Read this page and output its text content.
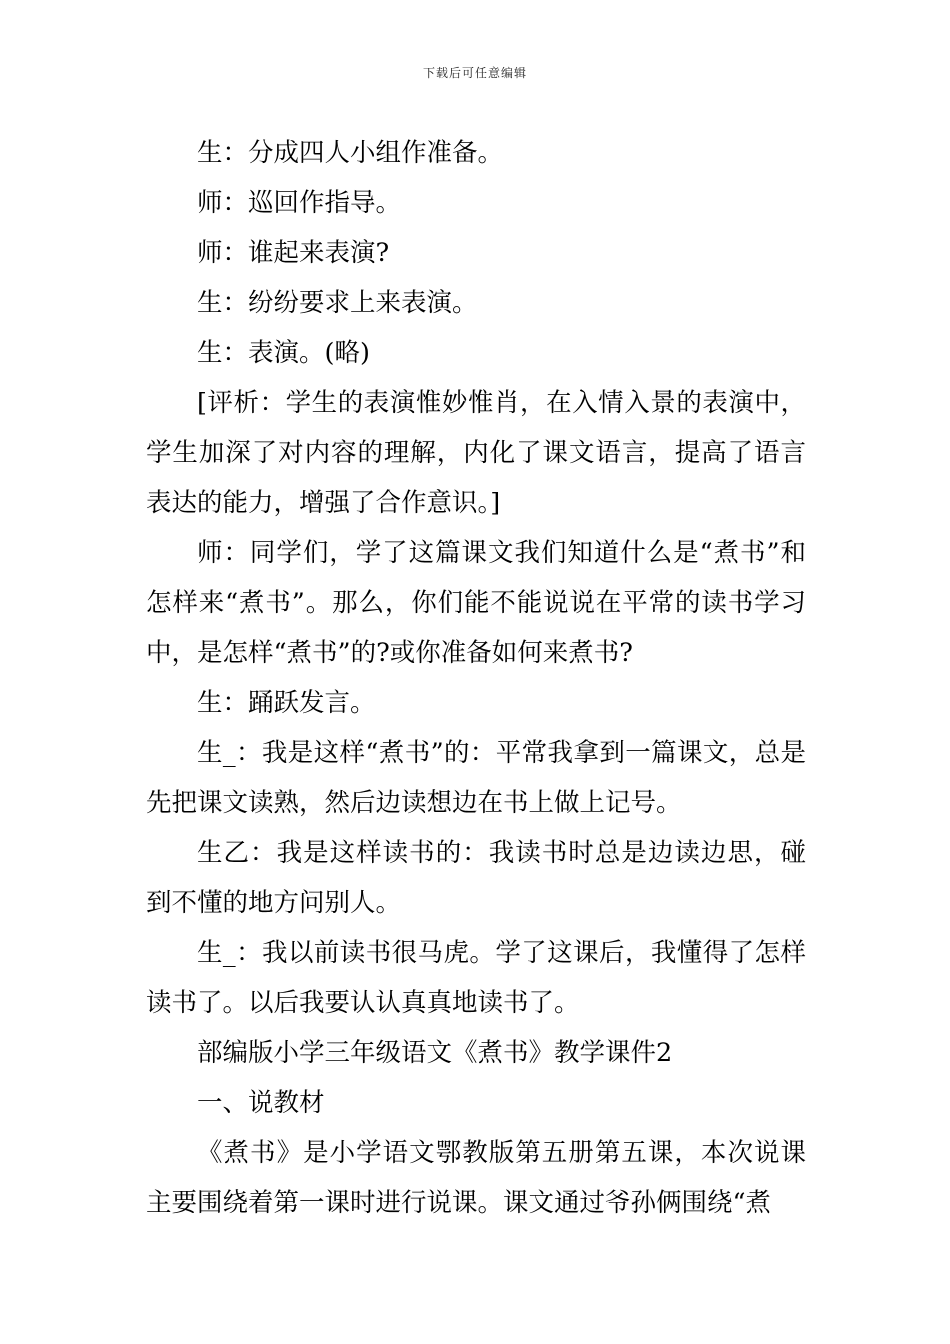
下载后可任意编辑

生：分成四人小组作准备。

师：巡回作指导。

师：谁起来表演?

生：纷纷要求上来表演。

生：表演。(略)

[评析：学生的表演惟妙惟肖，在入情入景的表演中，学生加深了对内容的理解，内化了课文语言，提高了语言表达的能力，增强了合作意识。]

师：同学们，学了这篇课文我们知道什么是“煮书”和怎样来“煮书”。那么，你们能不能说说在平常的读书学习中，是怎样“煮书”的?或你准备如何来煮书?

生：踊跃发言。

生_：我是这样“煮书”的：平常我拿到一篇课文，总是先把课文读熟，然后边读想边在书上做上记号。

生乙：我是这样读书的：我读书时总是边读边思，碰到不懂的地方问别人。

生_：我以前读书很马虎。学了这课后，我懂得了怎样读书了。以后我要认认真真地读书了。

部编版小学三年级语文《煮书》教学课件2

一、说教材

《煮书》是小学语文鄂教版第五册第五课，本次说课主要围绕着第一课时进行说课。课文通过爷孙俩围绕“煮
